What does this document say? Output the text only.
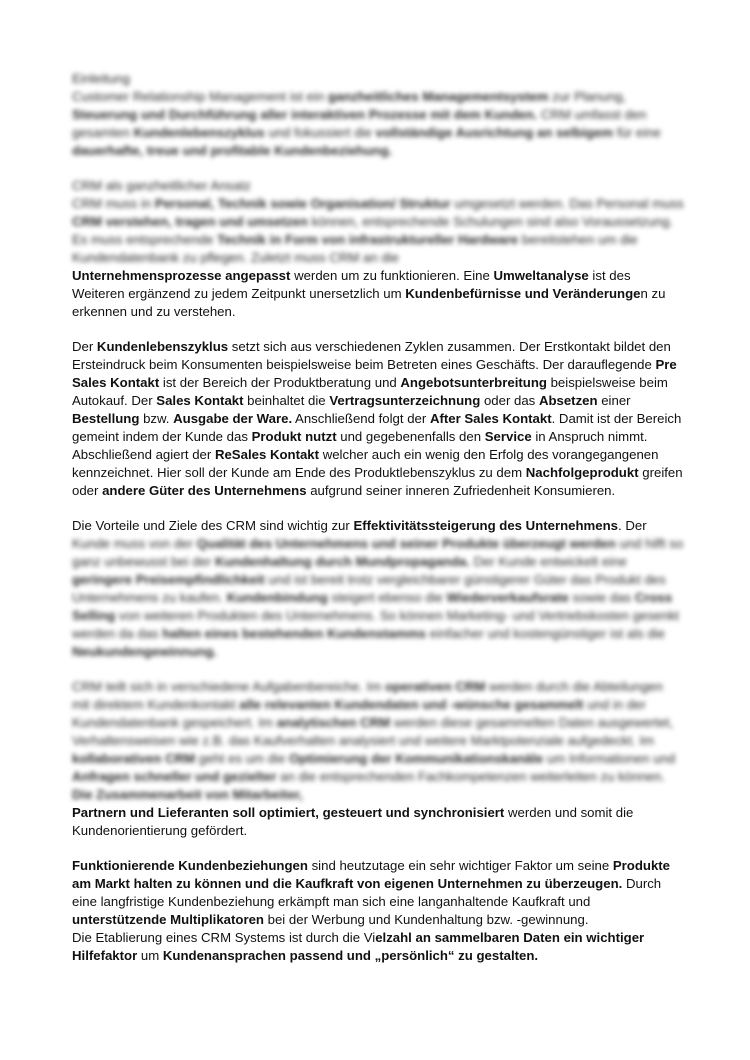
Einleitung

Customer Relationship Management ist ein ganzheitliches Managementsystem zur Planung, Steuerung und Durchführung aller interaktiven Prozesse mit dem Kunden. CRM umfasst den gesamten Kundenlebenszyklus und fokussiert die vollständige Ausrichtung an selbigem für eine dauerhafte, treue und profitable Kundenbeziehung.

CRM als ganzheitlicher Ansatz

CRM muss in Personal, Technik sowie Organisation/ Struktur umgesetzt werden. Das Personal muss CRM verstehen, tragen und umsetzen können, entsprechende Schulungen sind also Voraussetzung. Es muss entsprechende Technik in Form von infrastruktureller Hardware bereitstehen um die Kundendatenbank zu pflegen. Zuletzt muss CRM an die

Unternehmensprozesse angepasst werden um zu funktionieren. Eine Umweltanalyse ist des Weiteren ergänzend zu jedem Zeitpunkt unersetzlich um Kundenbefürnisse und Veränderungen zu erkennen und zu verstehen.

Der Kundenlebenszyklus setzt sich aus verschiedenen Zyklen zusammen. Der Erstkontakt bildet den Ersteindruck beim Konsumenten beispielsweise beim Betreten eines Geschäfts. Der darauflegende Pre Sales Kontakt ist der Bereich der Produktberatung und Angebotsunterbreitung beispielsweise beim Autokauf. Der Sales Kontakt beinhaltet die Vertragsunterzeichnung oder das Absetzen einer Bestellung bzw. Ausgabe der Ware. Anschließend folgt der After Sales Kontakt. Damit ist der Bereich gemeint indem der Kunde das Produkt nutzt und gegebenenfalls den Service in Anspruch nimmt. Abschließend agiert der ReSales Kontakt welcher auch ein wenig den Erfolg des vorangegangenen kennzeichnet. Hier soll der Kunde am Ende des Produktlebenszyklus zu dem Nachfolgeprodukt greifen oder andere Güter des Unternehmens aufgrund seiner inneren Zufriedenheit Konsumieren.

Die Vorteile und Ziele des CRM sind wichtig zur Effektivitätssteigerung des Unternehmens. Der

Kunde muss von der Qualität des Unternehmens und seiner Produkte überzeugt werden und hilft so ganz unbewusst bei der Kundenhaltung durch Mundpropaganda. Der Kunde entwickelt eine geringere Preisempfindlichkeit und ist bereit trotz vergleichbarer günstigerer Güter das Produkt des Unternehmens zu kaufen. Kundenbindung steigert ebenso die Wiederverkaufsrate sowie das Cross Selling von weiteren Produkten des Unternehmens. So können Marketing- und Vertriebskosten gesenkt werden da das halten eines bestehenden Kundenstamms einfacher und kostengünstiger ist als die Neukundengewinnung.

CRM teilt sich in verschiedene Aufgabenbereiche. Im operativen CRM werden durch die Abteilungen mit direktem Kundenkontakt alle relevanten Kundendaten und -wünsche gesammelt und in der Kundendatenbank gespeichert. Im analytischen CRM werden diese gesammelten Daten ausgewertet, Verhaltensweisen wie z.B. das Kaufverhalten analysiert und weitere Marktpotenziale aufgedeckt. Im kollaborativen CRM geht es um die Optimierung der Kommunikationskanäle um Informationen und Anfragen schneller und gezielter an die entsprechenden Fachkompetenzen weiterleiten zu können. Die Zusammenarbeit von Mitarbeiter,

Partnern und Lieferanten soll optimiert, gesteuert und synchronisiert werden und somit die Kundenorientierung gefördert.

Funktionierende Kundenbeziehungen sind heutzutage ein sehr wichtiger Faktor um seine Produkte am Markt halten zu können und die Kaufkraft von eigenen Unternehmen zu überzeugen. Durch eine langfristige Kundenbeziehung erkämpft man sich eine langanhaltende Kaufkraft und unterstützende Multiplikatoren bei der Werbung und Kundenhaltung bzw. -gewinnung.

Die Etablierung eines CRM Systems ist durch die Vielzahl an sammelbaren Daten ein wichtiger Hilfefaktor um Kundenansprachen passend und „persönlich“ zu gestalten.
